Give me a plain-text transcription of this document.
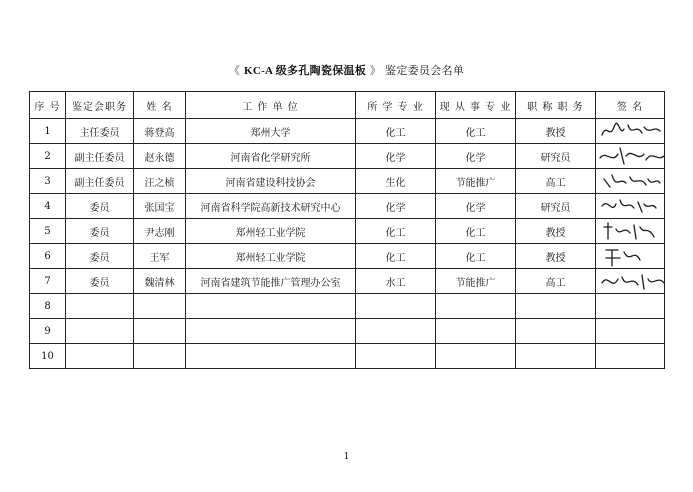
《 KC-A 级多孔陶瓷保温板 》 鉴定委员会名单
序 号	鉴定会职务	姓 名	工 作 单 位	所 学 专 业	现 从 事 专 业	职 称 职 务	签 名
1	主任委员	蒋登高	郑州大学	化工	化工	教授	

2	副主任委员	赵永德	河南省化学研究所	化学	化学	研究员	

3	副主任委员	汪之桢	河南省建设科技协会	生化	节能推广	高工	

4	委员	张国宝	河南省科学院高新技术研究中心	化学	化学	研究员	

5	委员	尹志刚	郑州轻工业学院	化工	化工	教授	

6	委员	王军	郑州轻工业学院	化工	化工	教授	

7	委员	魏清林	河南省建筑节能推广管理办公室	水工	节能推广	高工	

8							
9							
10							
1
